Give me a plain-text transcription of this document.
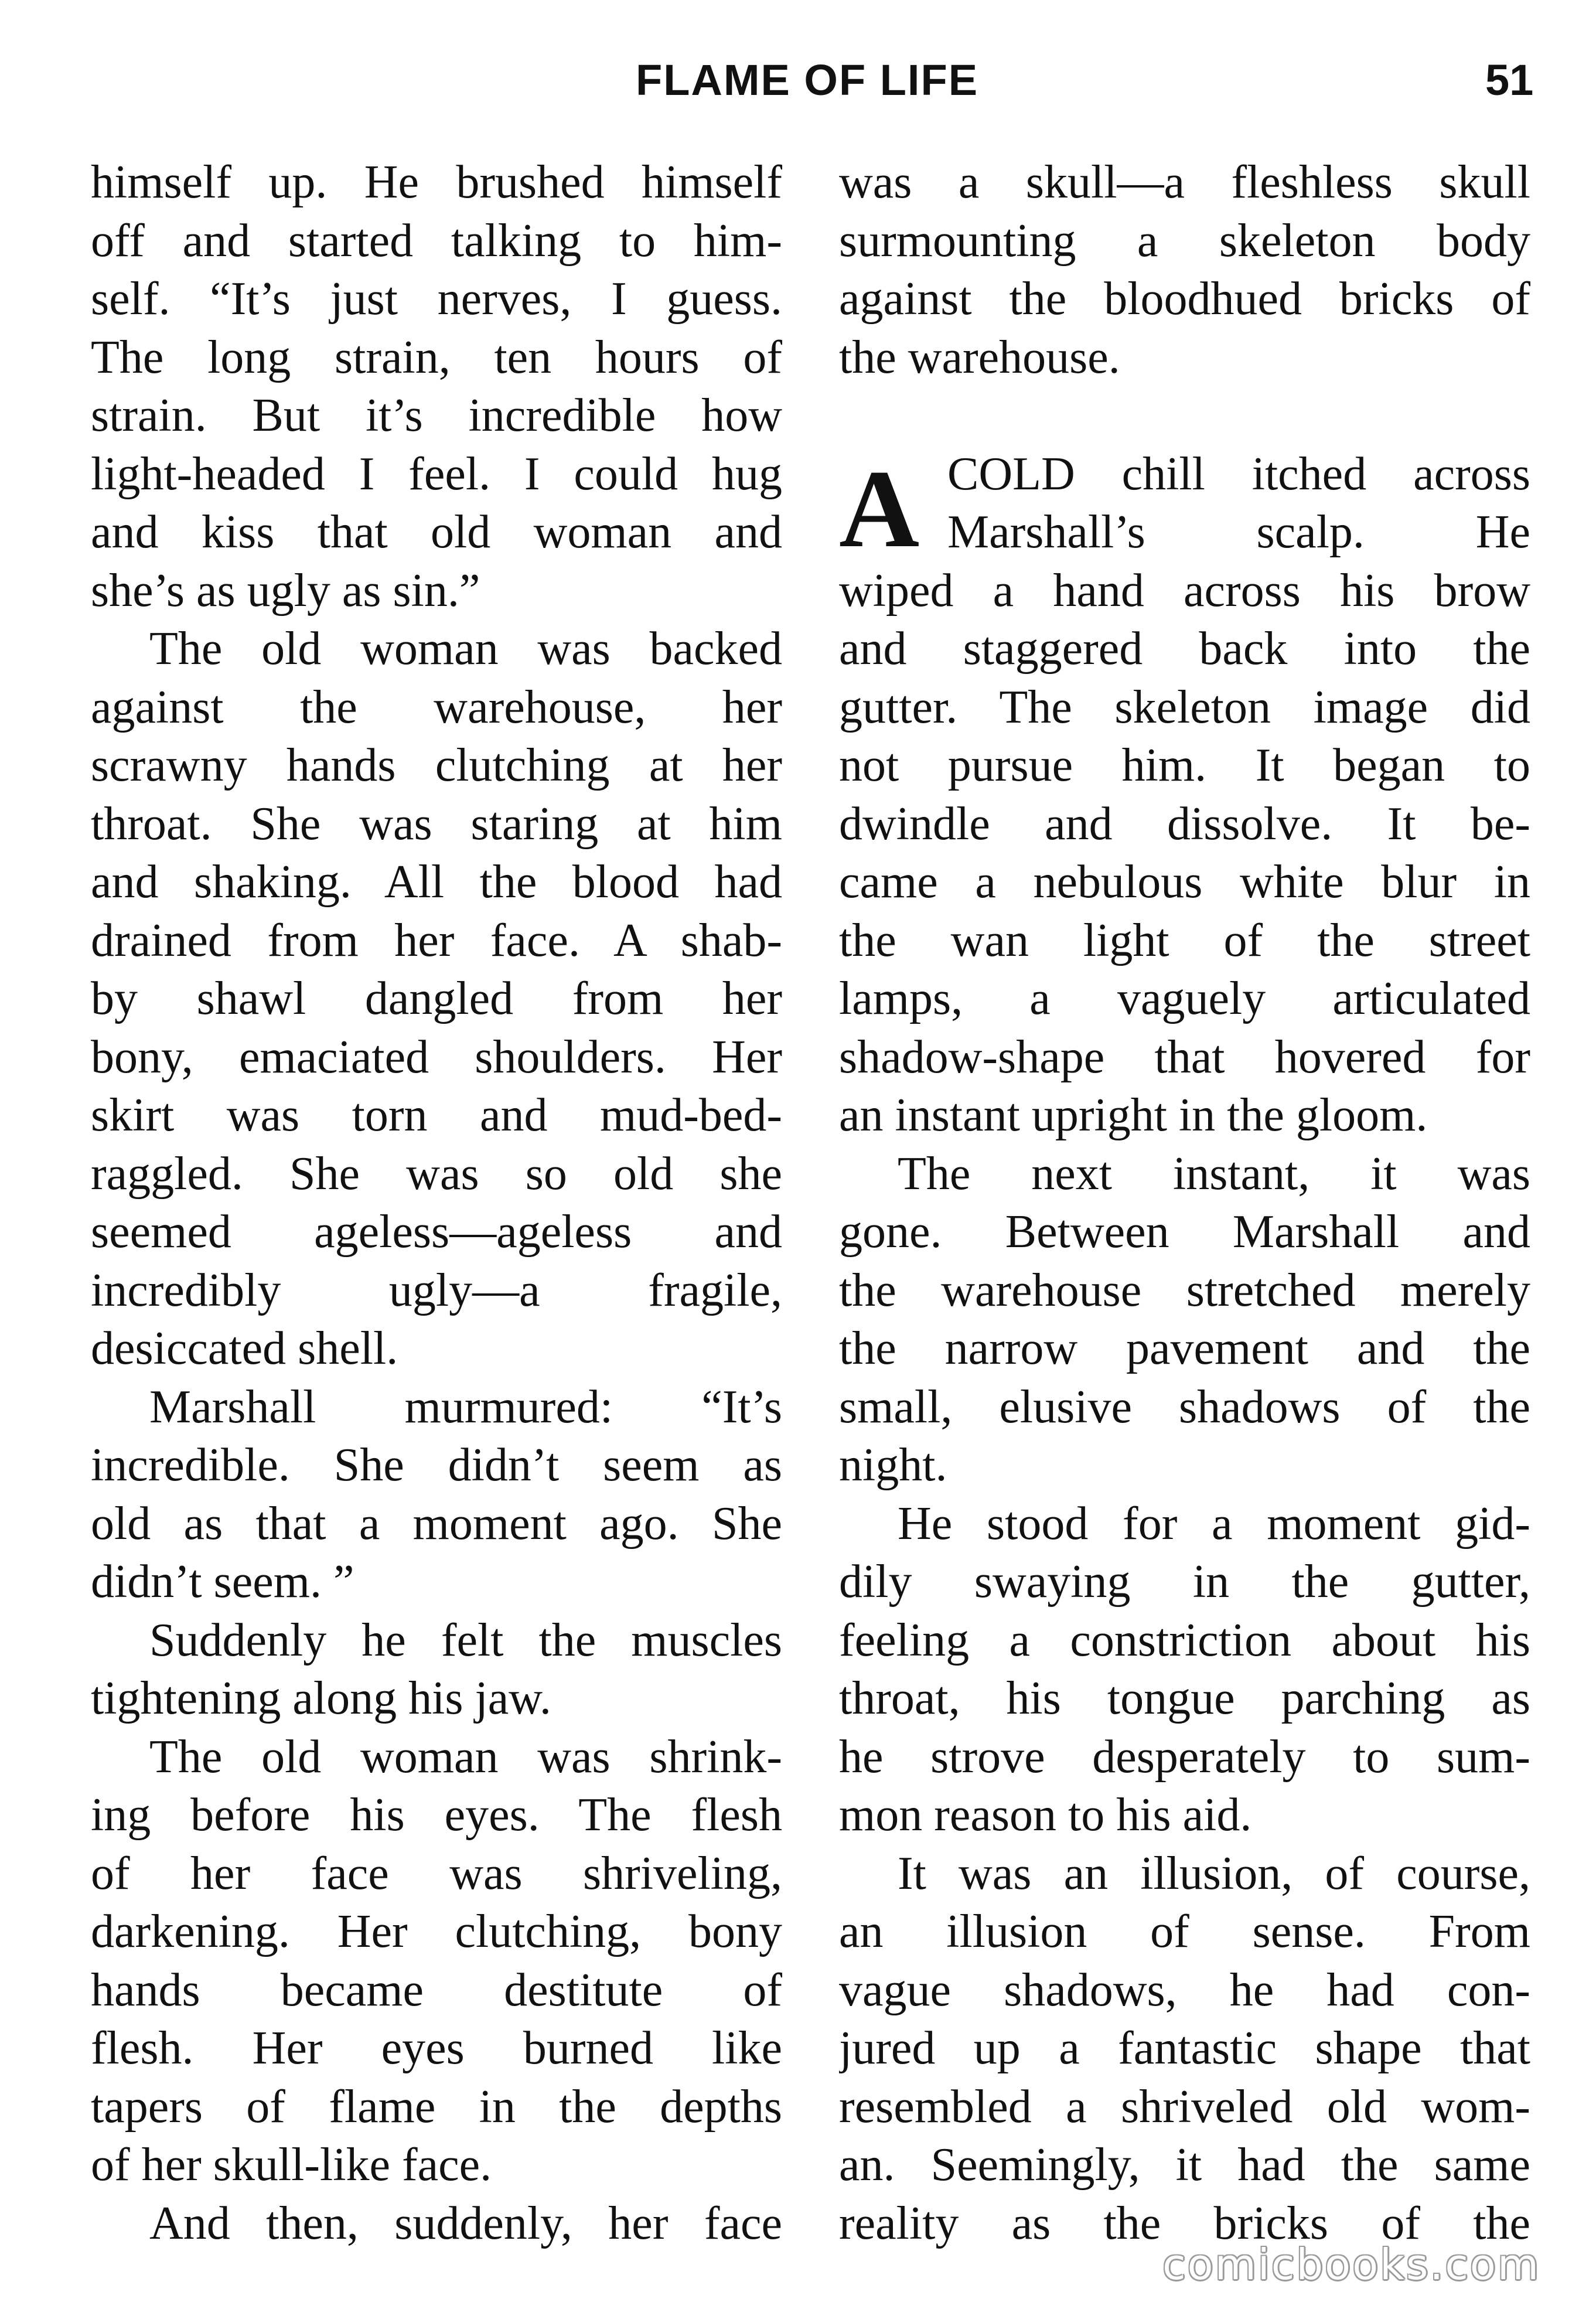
FLAME OF LIFE	51
himself up. He brushed himself
off and started talking to him-
self. “It’s just nerves, I guess.
The long strain, ten hours of
strain. But it’s incredible how
light-headed I feel. I could hug
and kiss that old woman and
she’s as ugly as sin.”
The old woman was backed
against the warehouse, her
scrawny hands clutching at her
throat. She was staring at him
and shaking. All the blood had
drained from her face. A shab-
by shawl dangled from her
bony, emaciated shoulders. Her
skirt was torn and mud-bed-
raggled. She was so old she
seemed ageless—ageless and
incredibly ugly—a fragile,
desiccated shell.
Marshall murmured: “It’s
incredible. She didn’t seem as
old as that a moment ago. She
didn’t seem. ”
Suddenly he felt the muscles
tightening along his jaw.
The old woman was shrink-
ing before his eyes. The flesh
of her face was shriveling,
darkening. Her clutching, bony
hands became destitute of
flesh. Her eyes burned like
tapers of flame in the depths
of her skull-like face.
And then, suddenly, her face
was a skull—a fleshless skull
surmounting a skeleton body
against the bloodhued bricks of
the warehouse.
A COLD chill itched across
Marshall’s scalp. He
wiped a hand across his brow
and staggered back into the
gutter. The skeleton image did
not pursue him. It began to
dwindle and dissolve. It be-
came a nebulous white blur in
the wan light of the street
lamps, a vaguely articulated
shadow-shape that hovered for
an instant upright in the gloom.
The next instant, it was
gone. Between Marshall and
the warehouse stretched merely
the narrow pavement and the
small, elusive shadows of the
night.
He stood for a moment gid-
dily swaying in the gutter,
feeling a constriction about his
throat, his tongue parching as
he strove desperately to sum-
mon reason to his aid.
It was an illusion, of course,
an illusion of sense. From
vague shadows, he had con-
jured up a fantastic shape that
resembled a shriveled old wom-
an. Seemingly, it had the same
reality as the bricks of the
comicbooks.com
